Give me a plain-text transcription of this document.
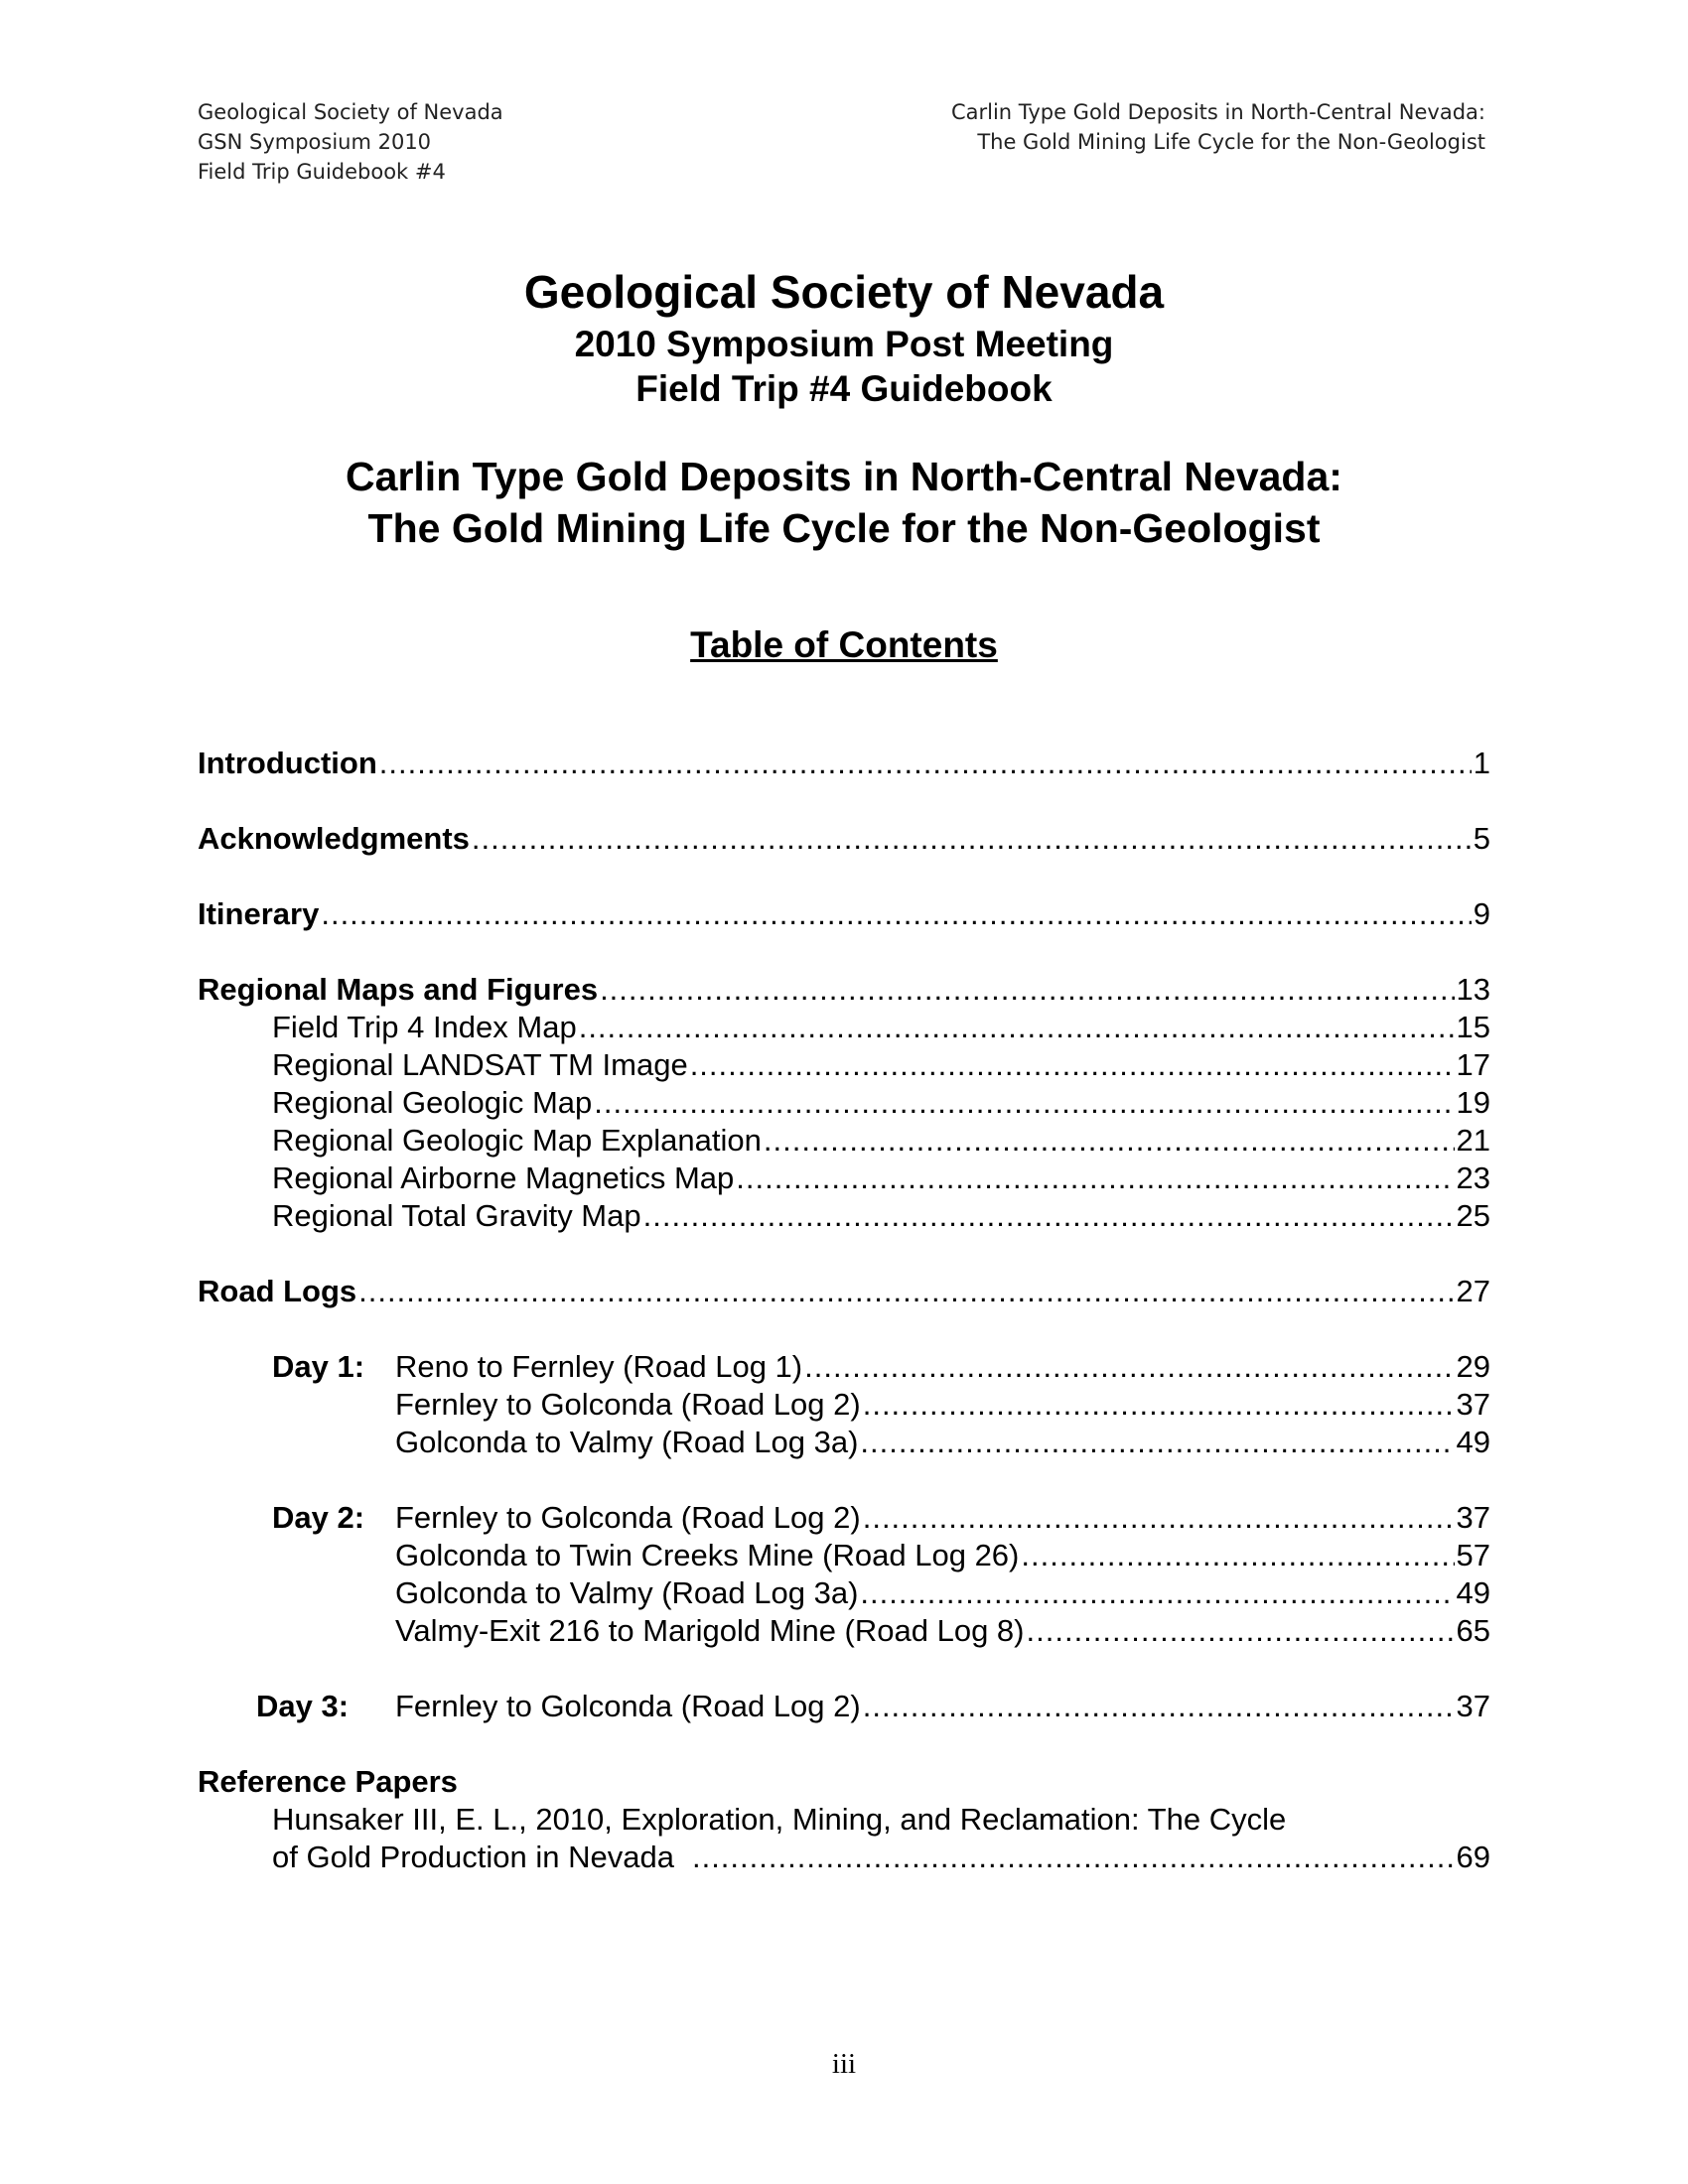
Geological Society of Nevada
GSN Symposium 2010
Field Trip Guidebook #4
Carlin Type Gold Deposits in North-Central Nevada:
The Gold Mining Life Cycle for the Non-Geologist
Geological Society of Nevada
2010 Symposium Post Meeting
Field Trip #4 Guidebook
Carlin Type Gold Deposits in North-Central Nevada:
The Gold Mining Life Cycle for the Non-Geologist
Table of Contents
Introduction .....	1
Acknowledgments .....	5
Itinerary .....	9
Regional Maps and Figures .....	13
Field Trip 4 Index Map .....	15
Regional LANDSAT TM Image .....	17
Regional Geologic Map .....	19
Regional Geologic Map Explanation .....	21
Regional Airborne Magnetics Map .....	23
Regional Total Gravity Map .....	25
Road Logs .....	27
Day 1: Reno to Fernley (Road Log 1) .....	29
Fernley to Golconda (Road Log 2) .....	37
Golconda to Valmy (Road Log 3a) .....	49
Day 2: Fernley to Golconda (Road Log 2) .....	37
Golconda to Twin Creeks Mine (Road Log 26) .....	57
Golconda to Valmy (Road Log 3a) .....	49
Valmy-Exit 216 to Marigold Mine (Road Log 8) .....	65
Day 3: Fernley to Golconda (Road Log 2) .....	37
Reference Papers
Hunsaker III, E. L., 2010, Exploration, Mining, and Reclamation: The Cycle
of Gold Production in Nevada .....	69
iii
